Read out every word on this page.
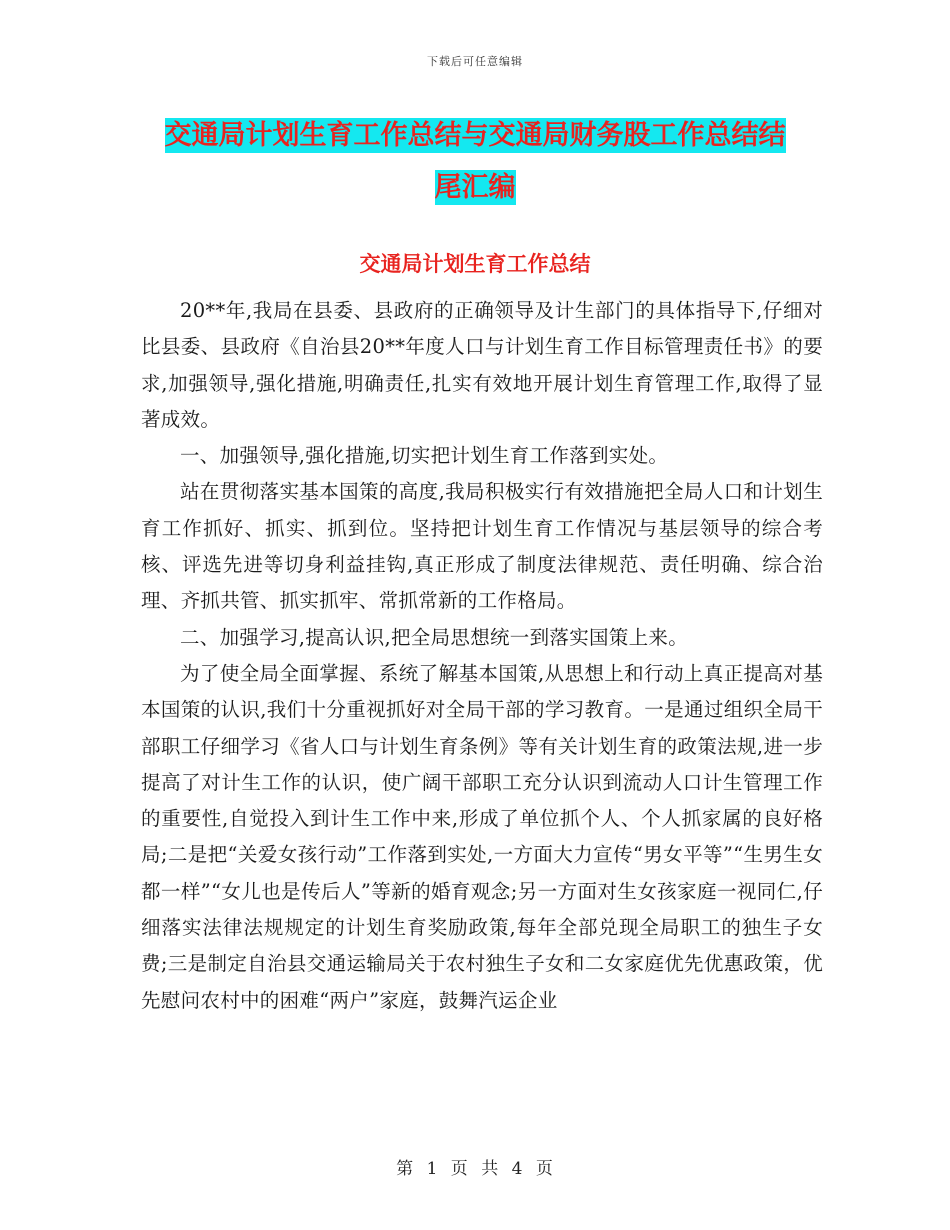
下载后可任意编辑
交通局计划生育工作总结与交通局财务股工作总结结
尾汇编
交通局计划生育工作总结

20**年,我局在县委、县政府的正确领导及计生部门的具体指导下,仔细对比县委、县政府《自治县20**年度人口与计划生育工作目标管理责任书》的要求,加强领导,强化措施,明确责任,扎实有效地开展计划生育管理工作,取得了显著成效。

一、加强领导,强化措施,切实把计划生育工作落到实处。

站在贯彻落实基本国策的高度,我局积极实行有效措施把全局人口和计划生育工作抓好、抓实、抓到位。坚持把计划生育工作情况与基层领导的综合考核、评选先进等切身利益挂钩,真正形成了制度法律规范、责任明确、综合治理、齐抓共管、抓实抓牢、常抓常新的工作格局。

二、加强学习,提高认识,把全局思想统一到落实国策上来。

为了使全局全面掌握、系统了解基本国策,从思想上和行动上真正提高对基本国策的认识,我们十分重视抓好对全局干部的学习教育。一是通过组织全局干部职工仔细学习《省人口与计划生育条例》等有关计划生育的政策法规,进一步提高了对计生工作的认识，使广阔干部职工充分认识到流动人口计生管理工作的重要性,自觉投入到计生工作中来,形成了单位抓个人、个人抓家属的良好格局;二是把“关爱女孩行动”工作落到实处,一方面大力宣传“男女平等”“生男生女都一样”“女儿也是传后人”等新的婚育观念;另一方面对生女孩家庭一视同仁,仔细落实法律法规规定的计划生育奖励政策,每年全部兑现全局职工的独生子女费;三是制定自治县交通运输局关于农村独生子女和二女家庭优先优惠政策，优先慰问农村中的困难“两户”家庭，鼓舞汽运企业

第 1 页 共 4 页
